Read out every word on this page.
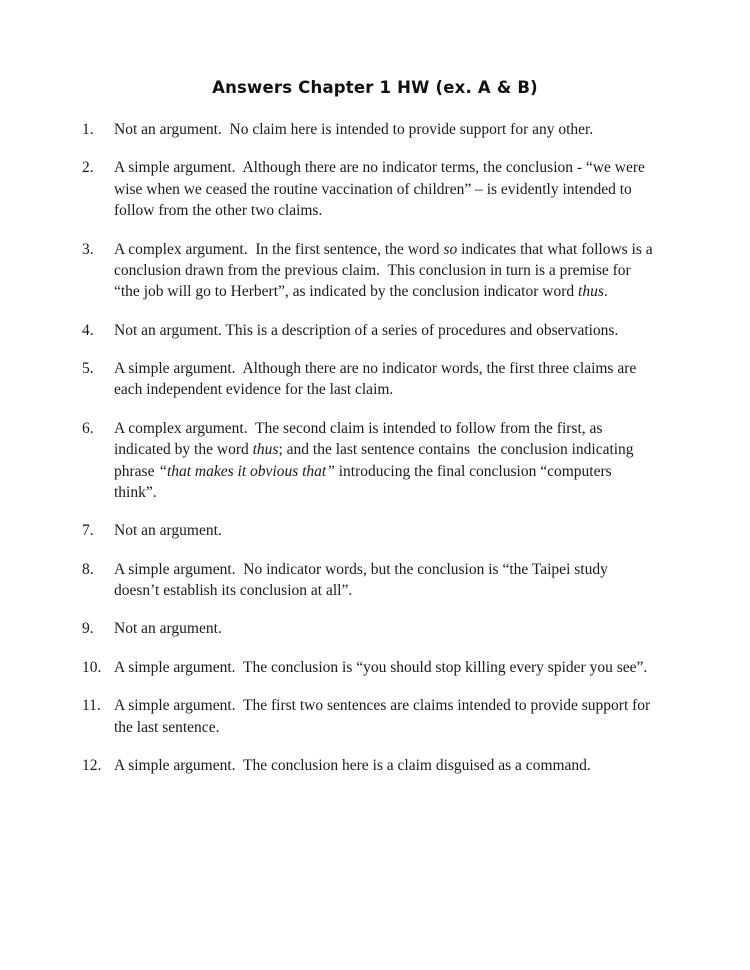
Answers Chapter 1 HW (ex. A & B)
1.	Not an argument.  No claim here is intended to provide support for any other.
2.	A simple argument.  Although there are no indicator terms, the conclusion - “we were wise when we ceased the routine vaccination of children” – is evidently intended to follow from the other two claims.
3.	A complex argument.  In the first sentence, the word so indicates that what follows is a conclusion drawn from the previous claim.  This conclusion in turn is a premise for “the job will go to Herbert”, as indicated by the conclusion indicator word thus.
4.	Not an argument. This is a description of a series of procedures and observations.
5.	A simple argument.  Although there are no indicator words, the first three claims are each independent evidence for the last claim.
6.	A complex argument.  The second claim is intended to follow from the first, as indicated by the word thus; and the last sentence contains  the conclusion indicating phrase “that makes it obvious that” introducing the final conclusion “computers think”.
7.	Not an argument.
8.	A simple argument.  No indicator words, but the conclusion is “the Taipei study doesn’t establish its conclusion at all”.
9.	Not an argument.
10. A simple argument.  The conclusion is “you should stop killing every spider you see”.
11. A simple argument.  The first two sentences are claims intended to provide support for the last sentence.
12. A simple argument.  The conclusion here is a claim disguised as a command.
